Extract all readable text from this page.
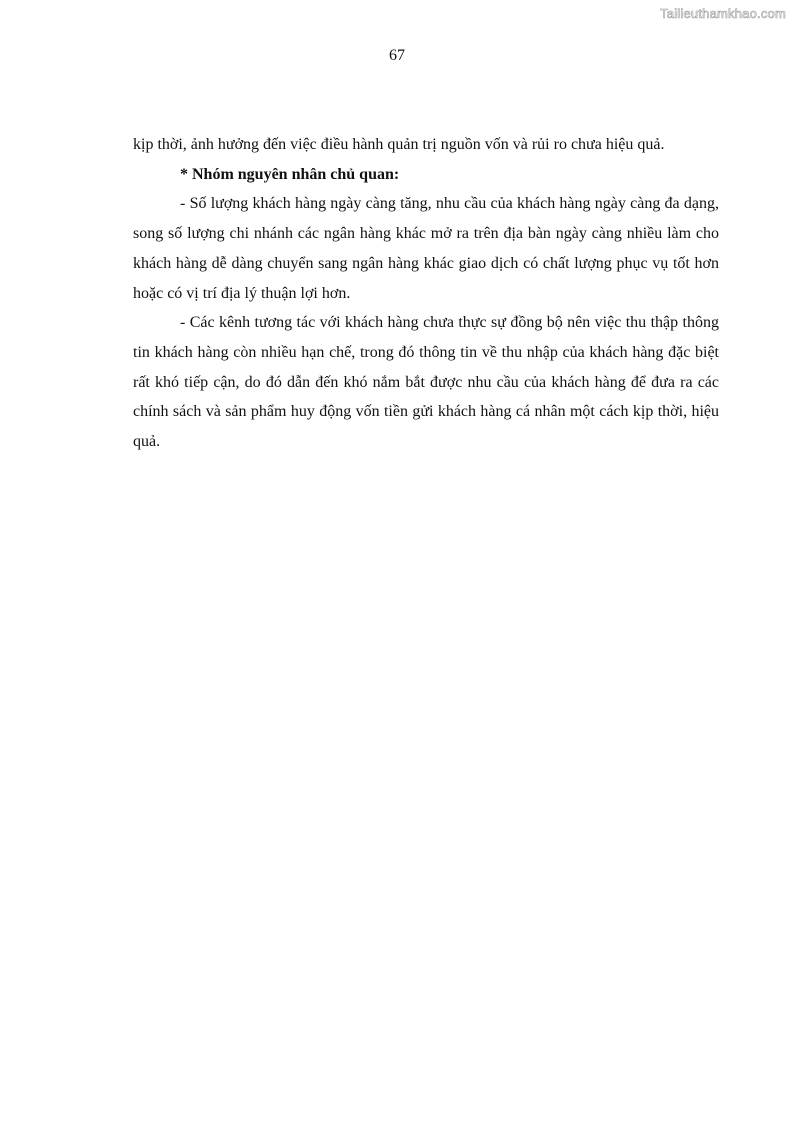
Tailieuthamkhao.com
67

kịp thời, ảnh hưởng đến việc điều hành quản trị nguồn vốn và rủi ro chưa hiệu quả.

* Nhóm nguyên nhân chủ quan:

- Số lượng khách hàng ngày càng tăng, nhu cầu của khách hàng ngày càng đa dạng, song số lượng chi nhánh các ngân hàng khác mở ra trên địa bàn ngày càng nhiều làm cho khách hàng dễ dàng chuyển sang ngân hàng khác giao dịch có chất lượng phục vụ tốt hơn hoặc có vị trí địa lý thuận lợi hơn.

- Các kênh tương tác với khách hàng chưa thực sự đồng bộ nên việc thu thập thông tin khách hàng còn nhiều hạn chế, trong đó thông tin về thu nhập của khách hàng đặc biệt rất khó tiếp cận, do đó dẫn đến khó nắm bắt được nhu cầu của khách hàng để đưa ra các chính sách và sản phẩm huy động vốn tiền gửi khách hàng cá nhân một cách kịp thời, hiệu quả.
